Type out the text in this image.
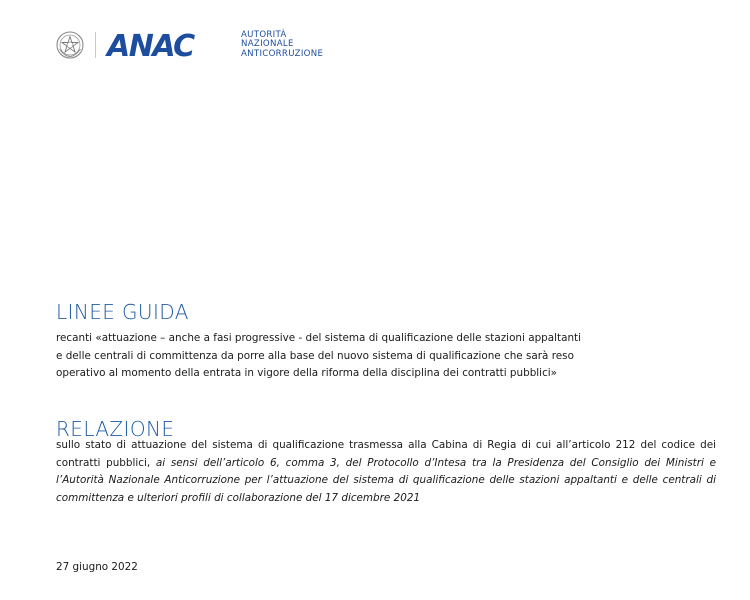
ANAC	AUTORITÀ
NAZIONALE
ANTICORRUZIONE
LINEE GUIDA
recanti «attuazione – anche a fasi progressive - del sistema di qualificazione delle stazioni appaltanti
e delle centrali di committenza da porre alla base del nuovo sistema di qualificazione che sarà reso
operativo al momento della entrata in vigore della riforma della disciplina dei contratti pubblici»
RELAZIONE
sullo stato di attuazione del sistema di qualificazione trasmessa alla Cabina di Regia di cui all’articolo 212 del codice dei contratti pubblici, ai sensi dell’articolo 6, comma 3, del Protocollo d’Intesa tra la Presidenza del Consiglio dei Ministri e l’Autorità Nazionale Anticorruzione per l’attuazione del sistema di qualificazione delle stazioni appaltanti e delle centrali di committenza e ulteriori profili di collaborazione del 17 dicembre 2021
27 giugno 2022
